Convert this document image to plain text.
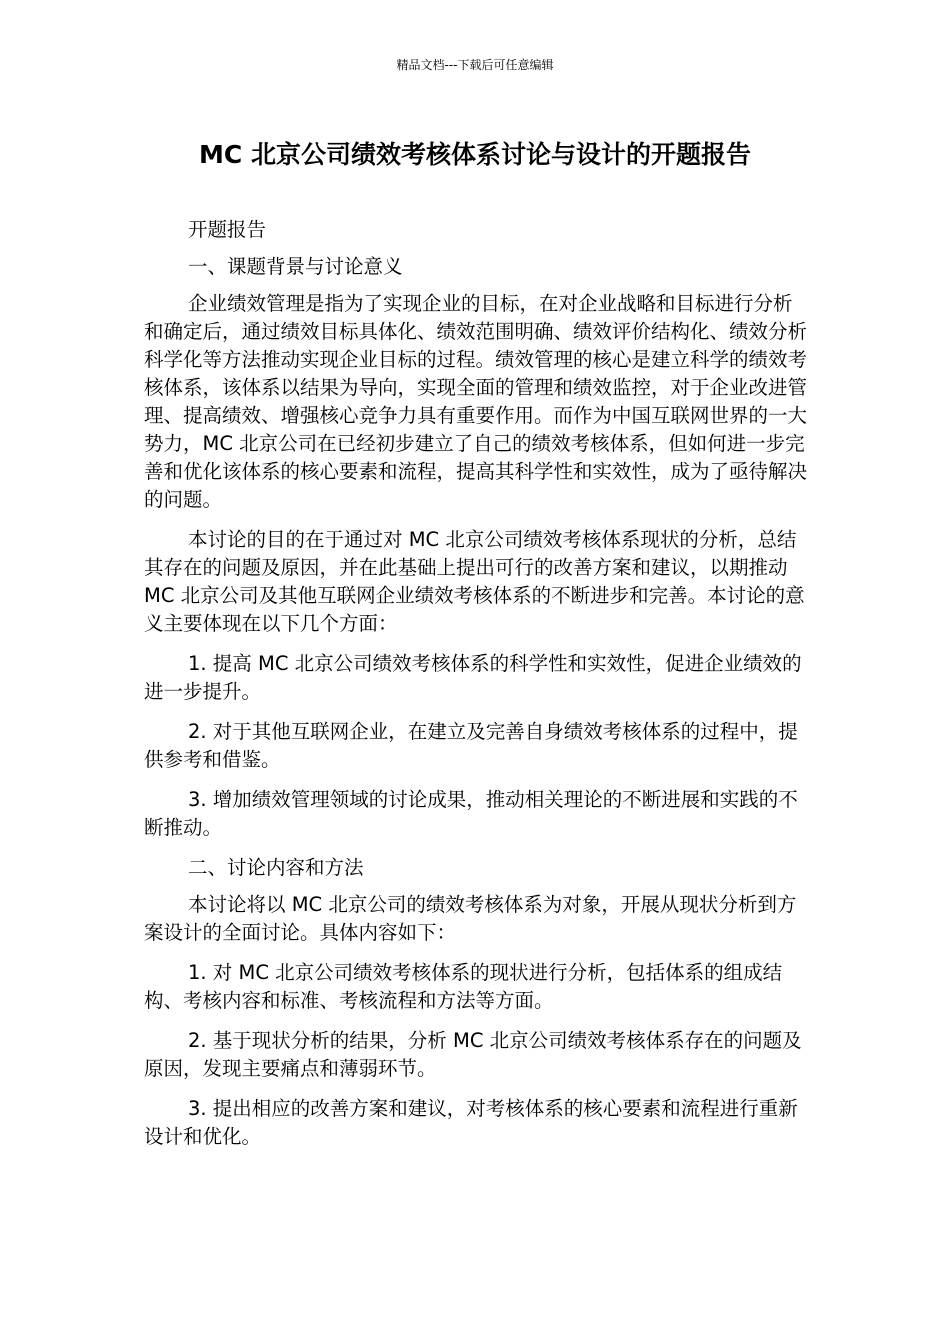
精品文档---下载后可任意编辑
MC 北京公司绩效考核体系讨论与设计的开题报告

开题报告

一、课题背景与讨论意义

企业绩效管理是指为了实现企业的目标，在对企业战略和目标进行分析和确定后，通过绩效目标具体化、绩效范围明确、绩效评价结构化、绩效分析科学化等方法推动实现企业目标的过程。绩效管理的核心是建立科学的绩效考核体系，该体系以结果为导向，实现全面的管理和绩效监控，对于企业改进管理、提高绩效、增强核心竞争力具有重要作用。而作为中国互联网世界的一大势力，MC 北京公司在已经初步建立了自己的绩效考核体系，但如何进一步完善和优化该体系的核心要素和流程，提高其科学性和实效性，成为了亟待解决的问题。

本讨论的目的在于通过对 MC 北京公司绩效考核体系现状的分析，总结其存在的问题及原因，并在此基础上提出可行的改善方案和建议，以期推动 MC 北京公司及其他互联网企业绩效考核体系的不断进步和完善。本讨论的意义主要体现在以下几个方面：

1. 提高 MC 北京公司绩效考核体系的科学性和实效性，促进企业绩效的进一步提升。

2. 对于其他互联网企业，在建立及完善自身绩效考核体系的过程中，提供参考和借鉴。

3. 增加绩效管理领域的讨论成果，推动相关理论的不断进展和实践的不断推动。

二、讨论内容和方法

本讨论将以 MC 北京公司的绩效考核体系为对象，开展从现状分析到方案设计的全面讨论。具体内容如下：

1. 对 MC 北京公司绩效考核体系的现状进行分析，包括体系的组成结构、考核内容和标准、考核流程和方法等方面。

2. 基于现状分析的结果，分析 MC 北京公司绩效考核体系存在的问题及原因，发现主要痛点和薄弱环节。

3. 提出相应的改善方案和建议，对考核体系的核心要素和流程进行重新设计和优化。
